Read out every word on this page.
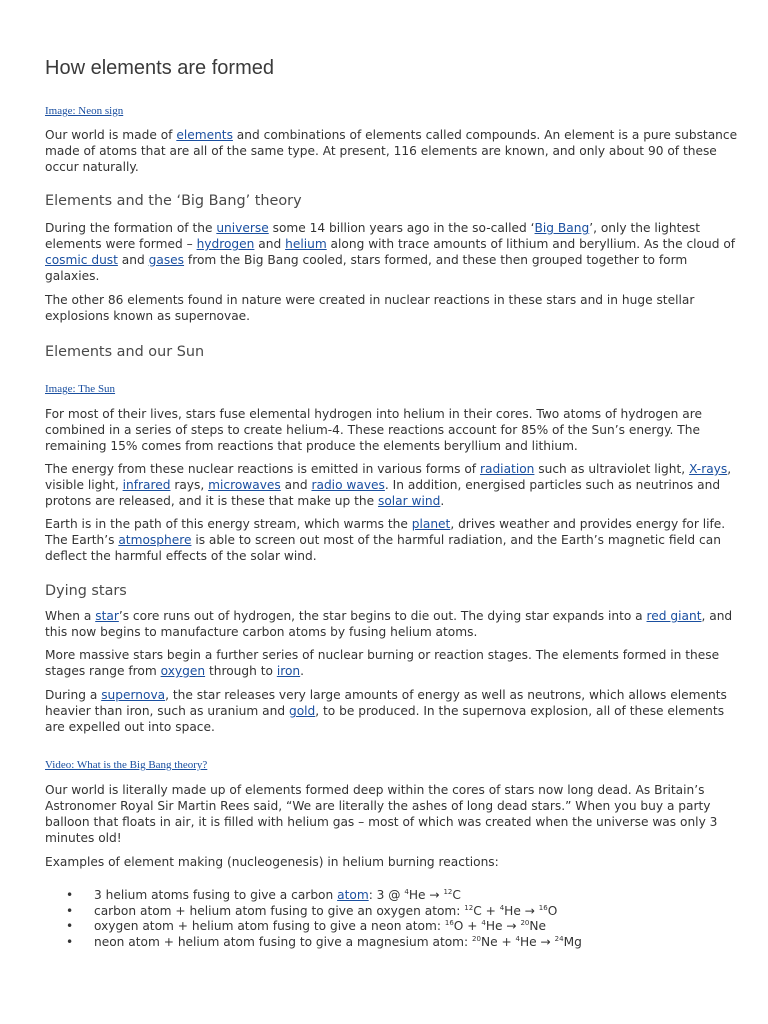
How elements are formed

Image: Neon sign

Our world is made of elements and combinations of elements called compounds. An element is a pure substance made of atoms that are all of the same type. At present, 116 elements are known, and only about 90 of these occur naturally.

Elements and the ‘Big Bang’ theory

During the formation of the universe some 14 billion years ago in the so-called ‘Big Bang’, only the lightest elements were formed – hydrogen and helium along with trace amounts of lithium and beryllium. As the cloud of cosmic dust and gases from the Big Bang cooled, stars formed, and these then grouped together to form galaxies.

The other 86 elements found in nature were created in nuclear reactions in these stars and in huge stellar explosions known as supernovae.

Elements and our Sun

Image: The Sun

For most of their lives, stars fuse elemental hydrogen into helium in their cores. Two atoms of hydrogen are combined in a series of steps to create helium-4. These reactions account for 85% of the Sun’s energy. The remaining 15% comes from reactions that produce the elements beryllium and lithium.

The energy from these nuclear reactions is emitted in various forms of radiation such as ultraviolet light, X-rays, visible light, infrared rays, microwaves and radio waves. In addition, energised particles such as neutrinos and protons are released, and it is these that make up the solar wind.

Earth is in the path of this energy stream, which warms the planet, drives weather and provides energy for life. The Earth’s atmosphere is able to screen out most of the harmful radiation, and the Earth’s magnetic field can deflect the harmful effects of the solar wind.

Dying stars

When a star’s core runs out of hydrogen, the star begins to die out. The dying star expands into a red giant, and this now begins to manufacture carbon atoms by fusing helium atoms.

More massive stars begin a further series of nuclear burning or reaction stages. The elements formed in these stages range from oxygen through to iron.

During a supernova, the star releases very large amounts of energy as well as neutrons, which allows elements heavier than iron, such as uranium and gold, to be produced. In the supernova explosion, all of these elements are expelled out into space.

Video: What is the Big Bang theory?

Our world is literally made up of elements formed deep within the cores of stars now long dead. As Britain’s Astronomer Royal Sir Martin Rees said, “We are literally the ashes of long dead stars.” When you buy a party balloon that floats in air, it is filled with helium gas – most of which was created when the universe was only 3 minutes old!

Examples of element making (nucleogenesis) in helium burning reactions:

• 3 helium atoms fusing to give a carbon atom: 3 @ $^4$He → $^{12}$C
• carbon atom + helium atom fusing to give an oxygen atom: $^{12}$C + $^4$He → $^{16}$O
• oxygen atom + helium atom fusing to give a neon atom: $^{16}$O + $^4$He → $^{20}$Ne
• neon atom + helium atom fusing to give a magnesium atom: $^{20}$Ne + $^4$He → $^{24}$Mg
